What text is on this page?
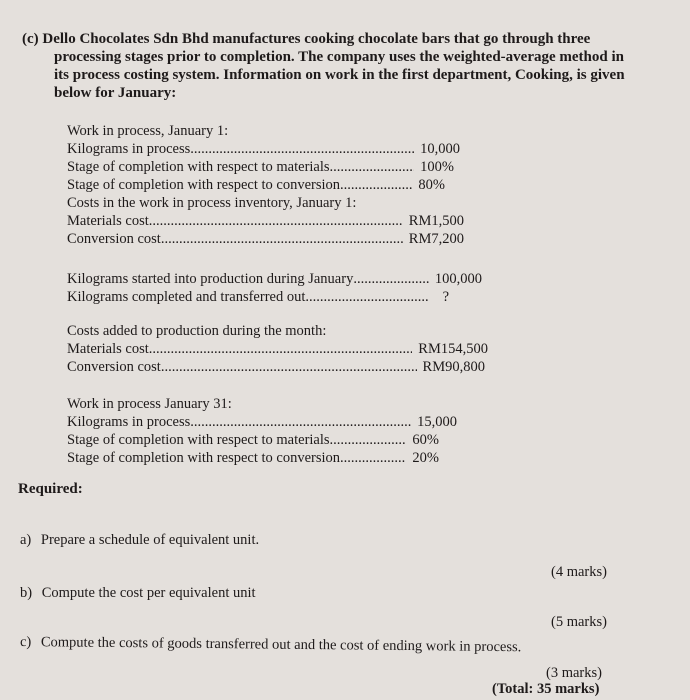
(c) Dello Chocolates Sdn Bhd manufactures cooking chocolate bars that go through three
processing stages prior to completion. The company uses the weighted-average method in
its process costing system. Information on work in the first department, Cooking, is given
below for January:
Work in process, January 1:
Kilograms in process .....	10,000
Stage of completion with respect to materials .....	100%
Stage of completion with respect to conversion .....	80%
Costs in the work in process inventory, January 1:
Materials cost .....	RM1,500
Conversion cost .....	RM7,200
Kilograms started into production during January .....	100,000
Kilograms completed and transferred out .....	?
Costs added to production during the month:
Materials cost .....	RM154,500
Conversion cost .....	RM90,800
Work in process January 31:
Kilograms in process .....	15,000
Stage of completion with respect to materials .....	60%
Stage of completion with respect to conversion .....	20%
Required:
a) Prepare a schedule of equivalent unit.
(4 marks)
b) Compute the cost per equivalent unit
(5 marks)
c) Compute the costs of goods transferred out and the cost of ending work in process.
(3 marks)
(Total: 35 marks)
